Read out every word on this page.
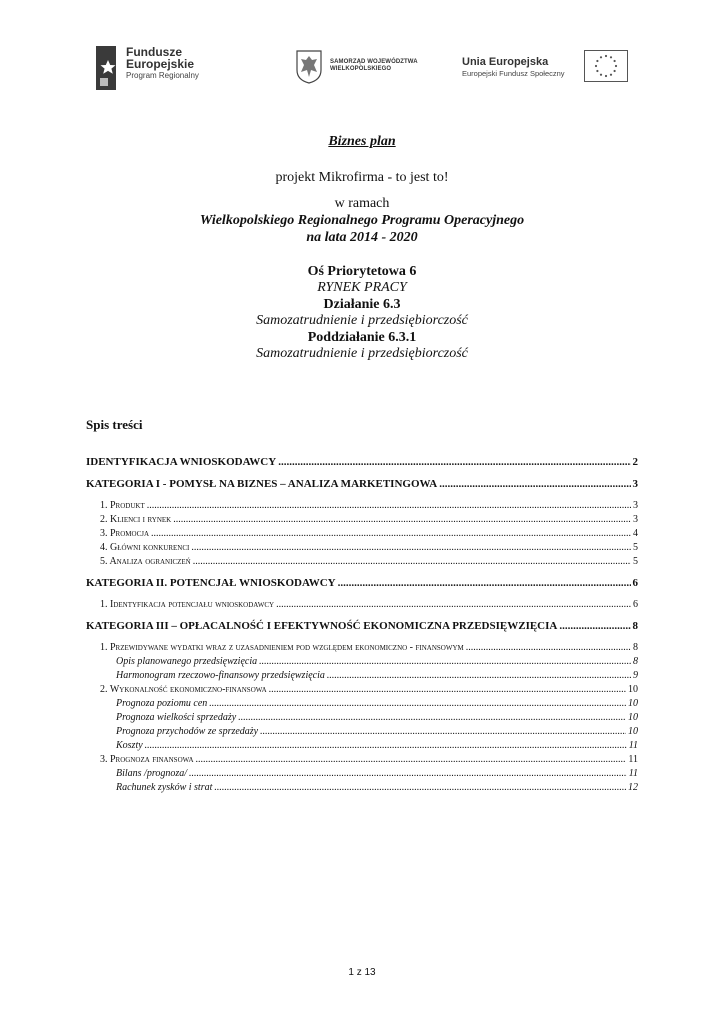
Fundusze
Europejskie
Program Regionalny
SAMORZĄD WOJEWÓDZTWA
WIELKOPOLSKIEGO
Unia Europejska
Europejski Fundusz Społeczny

Biznes plan

projekt Mikrofirma - to jest to!

w ramach

Wielkopolskiego Regionalnego Programu Operacyjnego

na lata 2014 - 2020

Oś Priorytetowa 6

RYNEK PRACY

Działanie 6.3

Samozatrudnienie i przedsiębiorczość

Poddziałanie 6.3.1

Samozatrudnienie i przedsiębiorczość

Spis treści

IDENTYFIKACJA WNIOSKODAWCY .....	2
KATEGORIA I - POMYSŁ NA BIZNES – ANALIZA MARKETINGOWA .....	3
1. Produkt .....	3
2. Klienci i rynek .....	3
3. Promocja .....	4
4. Główni konkurenci .....	5
5. Analiza ograniczeń .....	5
KATEGORIA II. POTENCJAŁ WNIOSKODAWCY .....	6
1. Identyfikacja potencjału wnioskodawcy .....	6
KATEGORIA III – OPŁACALNOŚĆ I EFEKTYWNOŚĆ EKONOMICZNA PRZEDSIĘWZIĘCIA .....	8
1. Przewidywane wydatki wraz z uzasadnieniem pod względem ekonomiczno - finansowym .....	8
Opis planowanego przedsięwzięcia .....	8
Harmonogram rzeczowo-finansowy przedsięwzięcia .....	9
2. Wykonalność ekonomiczno-finansowa .....	10
Prognoza poziomu cen .....	10
Prognoza wielkości sprzedaży .....	10
Prognoza przychodów ze sprzedaży .....	10
Koszty .....	11
3. Prognoza finansowa .....	11
Bilans /prognoza/ .....	11
Rachunek zysków i strat .....	12

1 z 13
